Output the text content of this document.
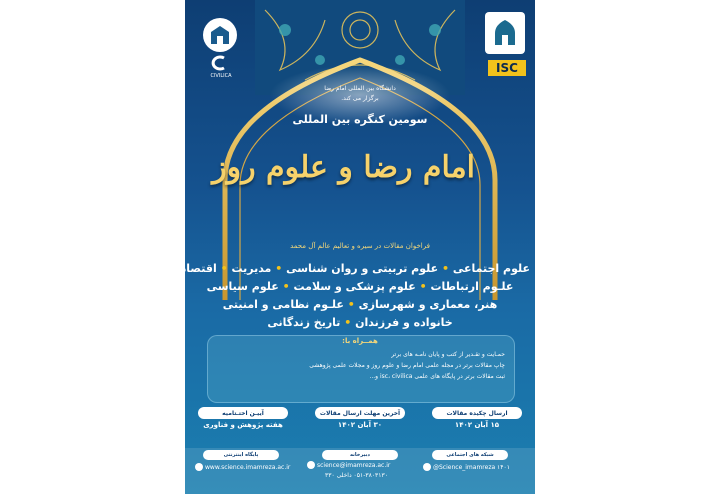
CIVILICA
ISC
دانشگاه بین المللی امام رضا
برگزار می کند.
سومین کنگره بین المللی
امام رضا و علوم روز
فراخوان مقالات در سیره و تعالیم عالم آل محمد
علوم اجتماعی • علوم تربیتی و روان شناسی • مدیریت • اقتصاد
علـوم ارتباطات • علوم پزشکی و سلامت • علوم سیاسی
هنر، معماری و شهرسازی • علـوم نظامی و امنیتی
خانواده و فرزندان • تاریخ زندگانی
همــراه با:
حمـایت و تقـدیر از کتب و پایان نامـه های برتر
چاپ مقالات برتر در مجله علمی امام رضا و علوم روز و مجلات علمی پژوهشی
ثبت مقالات برتر در پایگاه های علمی isc، civilica و...
ارسال چکیده مقالات
۱۵ آبان ۱۴۰۲
آخرین مهلت ارسال مقالات
۳۰ آبان ۱۴۰۲
آییـن اختـتامیه
هفته پژوهش و فناوری
شبکه های اجتماعی
@Science_imamreza ۱۴۰۱
دبیرخانه
science@imamreza.ac.ir
۰۵۱-۳۸۰۳۱۳۰ داخلی ۳۳۰
پایگاه اینترنتی
www.science.imamreza.ac.ir
